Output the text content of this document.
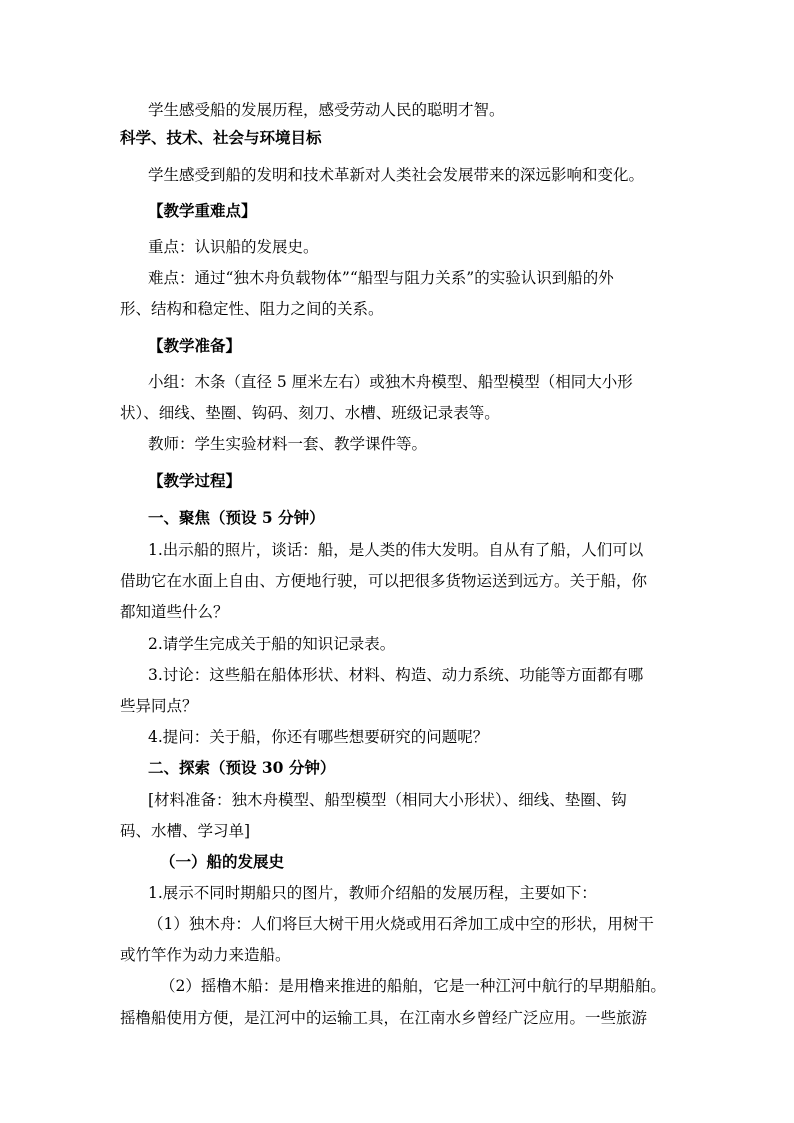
学生感受船的发展历程，感受劳动人民的聪明才智。
科学、技术、社会与环境目标
学生感受到船的发明和技术革新对人类社会发展带来的深远影响和变化。
【教学重难点】
重点：认识船的发展史。
难点：通过“独木舟负载物体”“船型与阻力关系”的实验认识到船的外
形、结构和稳定性、阻力之间的关系。
【教学准备】
小组：木条（直径 5 厘米左右）或独木舟模型、船型模型（相同大小形
状）、细线、垫圈、钩码、刻刀、水槽、班级记录表等。
教师：学生实验材料一套、教学课件等。
【教学过程】
一、聚焦（预设 5 分钟）
1.出示船的照片，谈话：船，是人类的伟大发明。自从有了船，人们可以
借助它在水面上自由、方便地行驶，可以把很多货物运送到远方。关于船，你
都知道些什么？
2.请学生完成关于船的知识记录表。
3.讨论：这些船在船体形状、材料、构造、动力系统、功能等方面都有哪
些异同点？
4.提问：关于船，你还有哪些想要研究的问题呢？
二、探索（预设 30 分钟）
[材料准备：独木舟模型、船型模型（相同大小形状）、细线、垫圈、钩
码、水槽、学习单]
（一）船的发展史
1.展示不同时期船只的图片，教师介绍船的发展历程，主要如下：
（1）独木舟：人们将巨大树干用火烧或用石斧加工成中空的形状，用树干
或竹竿作为动力来造船。
（2）摇橹木船：是用橹来推进的船舶，它是一种江河中航行的早期船舶。
摇橹船使用方便，是江河中的运输工具，在江南水乡曾经广泛应用。一些旅游
